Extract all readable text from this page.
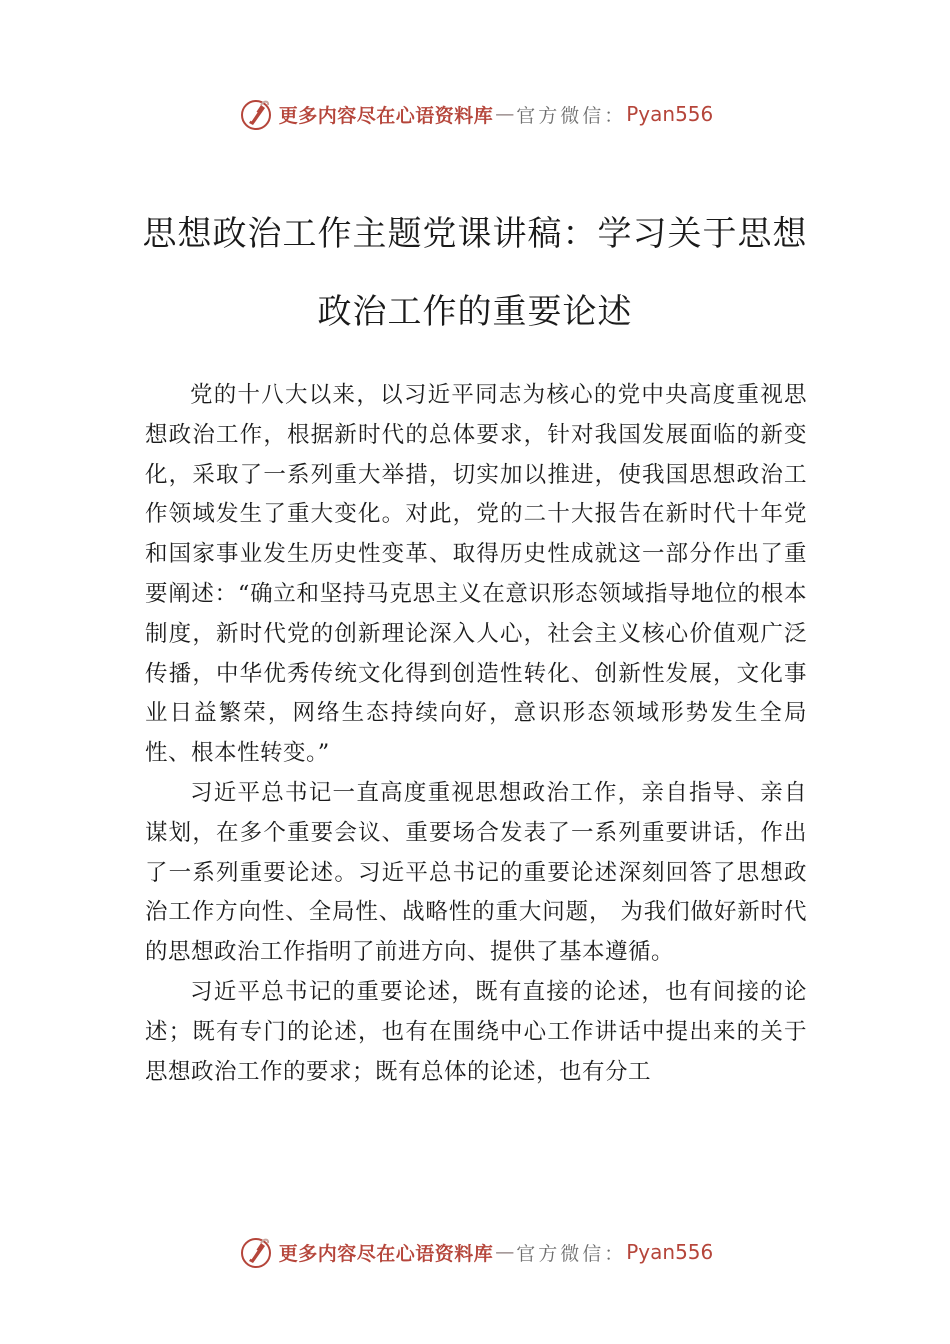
更多内容尽在心语资料库 — 官方微信： Pyan556
思想政治工作主题党课讲稿：学习关于思想政治工作的重要论述

党的十八大以来，以习近平同志为核心的党中央高度重视思想政治工作，根据新时代的总体要求，针对我国发展面临的新变化，采取了一系列重大举措，切实加以推进，使我国思想政治工作领域发生了重大变化。对此，党的二十大报告在新时代十年党和国家事业发生历史性变革、取得历史性成就这一部分作出了重要阐述：“确立和坚持马克思主义在意识形态领域指导地位的根本制度，新时代党的创新理论深入人心，社会主义核心价值观广泛传播，中华优秀传统文化得到创造性转化、创新性发展，文化事业日益繁荣，网络生态持续向好，意识形态领域形势发生全局性、根本性转变。”

习近平总书记一直高度重视思想政治工作，亲自指导、亲自谋划，在多个重要会议、重要场合发表了一系列重要讲话，作出了一系列重要论述。习近平总书记的重要论述深刻回答了思想政治工作方向性、全局性、战略性的重大问题， 为我们做好新时代的思想政治工作指明了前进方向、提供了基本遵循。

习近平总书记的重要论述，既有直接的论述，也有间接的论述；既有专门的论述，也有在围绕中心工作讲话中提出来的关于思想政治工作的要求；既有总体的论述，也有分工

更多内容尽在心语资料库 — 官方微信： Pyan556
